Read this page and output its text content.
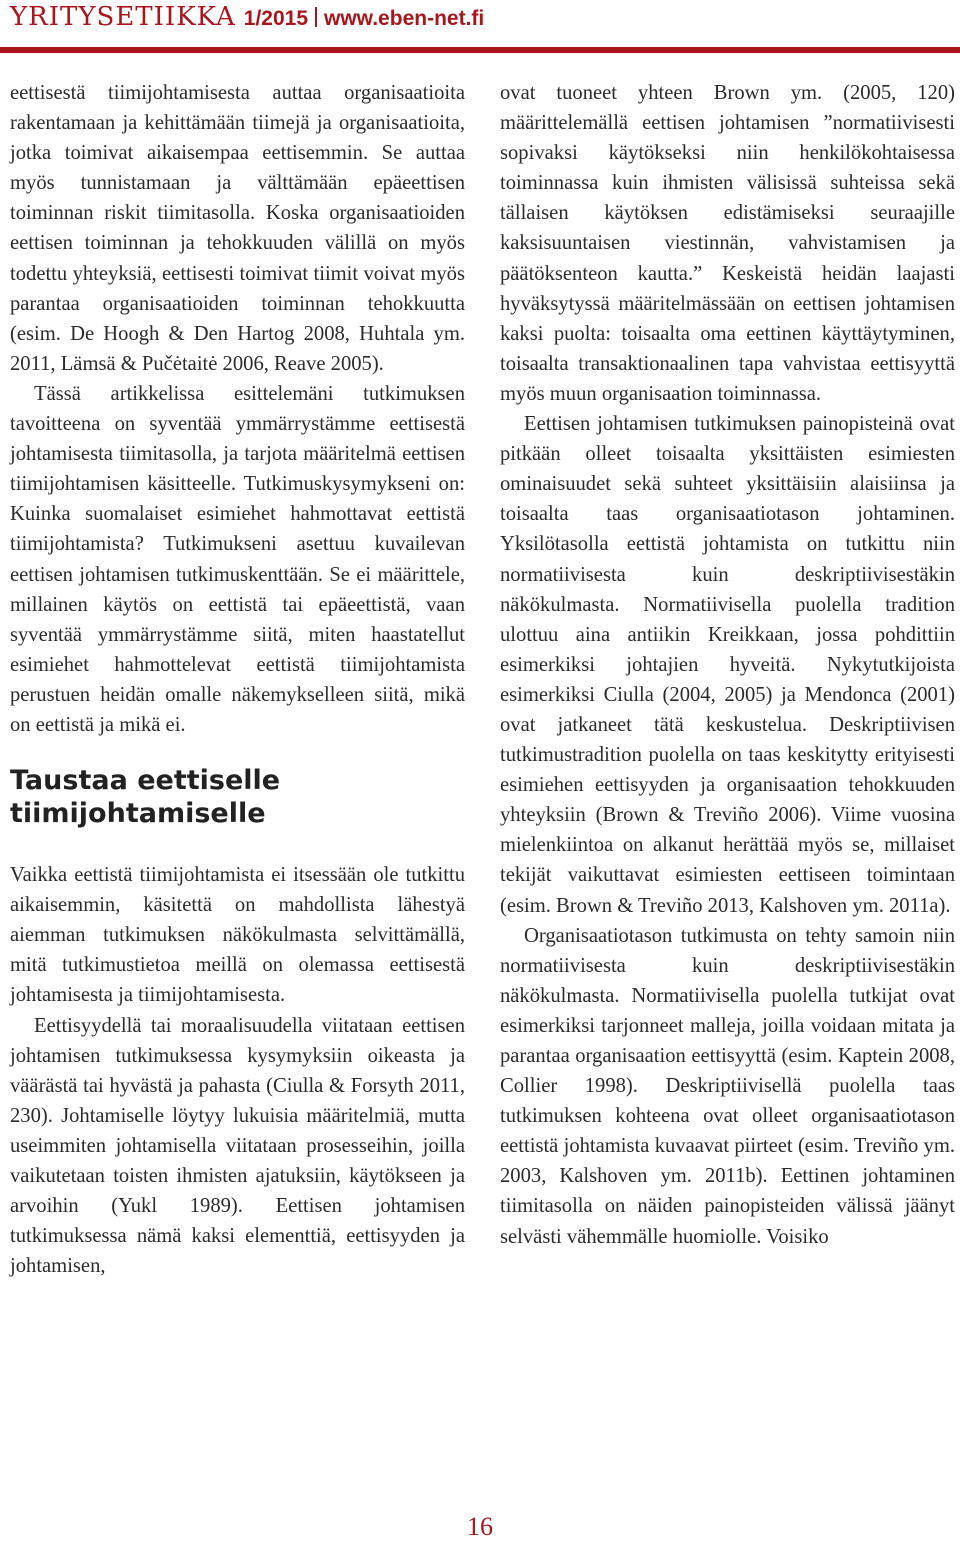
YRITYSETIIKKA 1/2015 www.eben-net.fi

eettisestä tiimijohtamisesta auttaa organisaatioita rakentamaan ja kehittämään tiimejä ja organisaatioita, jotka toimivat aikaisempaa eettisemmin. Se auttaa myös tunnistamaan ja välttämään epäeettisen toiminnan riskit tiimitasolla. Koska organisaatioiden eettisen toiminnan ja tehokkuuden välillä on myös todettu yhteyksiä, eettisesti toimivat tiimit voivat myös parantaa organisaatioiden toiminnan tehokkuutta (esim. De Hoogh & Den Hartog 2008, Huhtala ym. 2011, Lämsä & Pučėtaitė 2006, Reave 2005).

Tässä artikkelissa esittelemäni tutkimuksen tavoitteena on syventää ymmärrystämme eettisestä johtamisesta tiimitasolla, ja tarjota määritelmä eettisen tiimijohtamisen käsitteelle. Tutkimuskysymykseni on: Kuinka suomalaiset esimiehet hahmottavat eettistä tiimijohtamista? Tutkimukseni asettuu kuvailevan eettisen johtamisen tutkimuskenttään. Se ei määrittele, millainen käytös on eettistä tai epäeettistä, vaan syventää ymmärrystämme siitä, miten haastatellut esimiehet hahmottelevat eettistä tiimijohtamista perustuen heidän omalle näkemykselleen siitä, mikä on eettistä ja mikä ei.

Taustaa eettiselle
tiimijohtamiselle

Vaikka eettistä tiimijohtamista ei itsessään ole tutkittu aikaisemmin, käsitettä on mahdollista lähestyä aiemman tutkimuksen näkökulmasta selvittämällä, mitä tutkimustietoa meillä on olemassa eettisestä johtamisesta ja tiimijohtamisesta.

Eettisyydellä tai moraalisuudella viitataan eettisen johtamisen tutkimuksessa kysymyksiin oikeasta ja väärästä tai hyvästä ja pahasta (Ciulla & Forsyth 2011, 230). Johtamiselle löytyy lukuisia määritelmiä, mutta useimmiten johtamisella viitataan prosesseihin, joilla vaikutetaan toisten ihmisten ajatuksiin, käytökseen ja arvoihin (Yukl 1989). Eettisen johtamisen tutkimuksessa nämä kaksi elementtiä, eettisyyden ja johtamisen,

ovat tuoneet yhteen Brown ym. (2005, 120) määrittelemällä eettisen johtamisen ”normatiivisesti sopivaksi käytökseksi niin henkilökohtaisessa toiminnassa kuin ihmisten välisissä suhteissa sekä tällaisen käytöksen edistämiseksi seuraajille kaksisuuntaisen viestinnän, vahvistamisen ja päätöksenteon kautta.” Keskeistä heidän laajasti hyväksytyssä määritelmässään on eettisen johtamisen kaksi puolta: toisaalta oma eettinen käyttäytyminen, toisaalta transaktionaalinen tapa vahvistaa eettisyyttä myös muun organisaation toiminnassa.

Eettisen johtamisen tutkimuksen painopisteinä ovat pitkään olleet toisaalta yksittäisten esimiesten ominaisuudet sekä suhteet yksittäisiin alaisiinsa ja toisaalta taas organisaatiotason johtaminen. Yksilötasolla eettistä johtamista on tutkittu niin normatiivisesta kuin deskriptiivisestäkin näkökulmasta. Normatiivisella puolella tradition ulottuu aina antiikin Kreikkaan, jossa pohdittiin esimerkiksi johtajien hyveitä. Nykytutkijoista esimerkiksi Ciulla (2004, 2005) ja Mendonca (2001) ovat jatkaneet tätä keskustelua. Deskriptiivisen tutkimustradition puolella on taas keskitytty erityisesti esimiehen eettisyyden ja organisaation tehokkuuden yhteyksiin (Brown & Treviño 2006). Viime vuosina mielenkiintoa on alkanut herättää myös se, millaiset tekijät vaikuttavat esimiesten eettiseen toimintaan (esim. Brown & Treviño 2013, Kalshoven ym. 2011a).

Organisaatiotason tutkimusta on tehty samoin niin normatiivisesta kuin deskriptiivisestäkin näkökulmasta. Normatiivisella puolella tutkijat ovat esimerkiksi tarjonneet malleja, joilla voidaan mitata ja parantaa organisaation eettisyyttä (esim. Kaptein 2008, Collier 1998). Deskriptiivisellä puolella taas tutkimuksen kohteena ovat olleet organisaatiotason eettistä johtamista kuvaavat piirteet (esim. Treviño ym. 2003, Kalshoven ym. 2011b). Eettinen johtaminen tiimitasolla on näiden painopisteiden välissä jäänyt selvästi vähemmälle huomiolle. Voisiko

16
